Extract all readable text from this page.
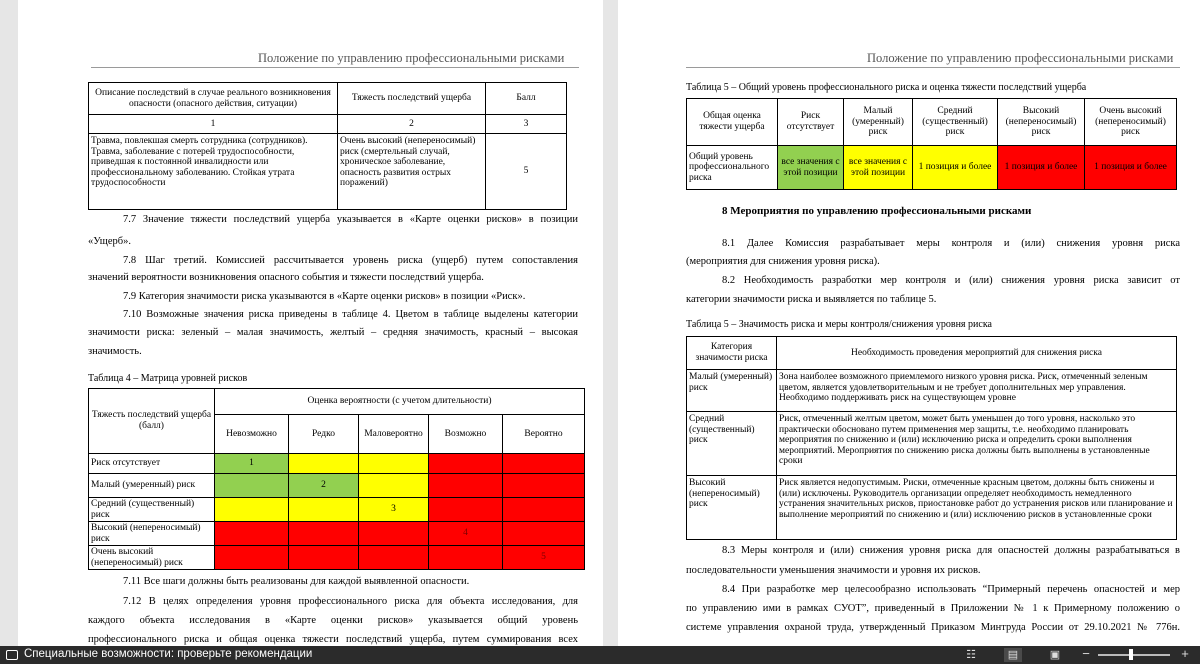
Положение по управлению профессиональными рисками
Описание последствий в случае реального возникновения опасности (опасного действия, ситуации)	Тяжесть последствий ущерба	Балл
1	2	3
Травма, повлекшая смерть сотрудника (сотрудников). Травма, заболевание с потерей трудоспособности, приведшая к постоянной инвалидности или профессиональному заболеванию. Стойкая утрата трудоспособности	Очень высокий (непереносимый) риск (смертельный случай, хроническое заболевание, опасность развития острых поражений)	5
7.7 Значение тяжести последствий ущерба указывается в «Карте оценки рисков» в позиции
«Ущерб».
7.8 Шаг третий. Комиссией рассчитывается уровень риска (ущерб) путем сопоставления
значений вероятности возникновения опасного события и тяжести последствий ущерба.
7.9 Категория значимости риска указываются в «Карте оценки рисков» в позиции «Риск».
7.10 Возможные значения риска приведены в таблице 4. Цветом в таблице выделены категории
значимости риска: зеленый – малая значимость, желтый – средняя значимость, красный – высокая
значимость.
Таблица 4 – Матрица уровней рисков
Тяжесть последствий ущерба (балл)	Оценка вероятности (с учетом длительности)				
	Невозможно	Редко	Маловероятно	Возможно	Вероятно
Риск отсутствует	1				
Малый (умеренный) риск		2			
Средний (существенный) риск			3		
Высокий (непереносимый) риск				4	
Очень высокий (непереносимый) риск					5
7.11 Все шаги должны быть реализованы для каждой выявленной опасности.
7.12 В целях определения уровня профессионального риска для объекта исследования, для
каждого объекта исследования в «Карте оценки рисков» указывается общий уровень
профессионального риска и общая оценка тяжести последствий ущерба, путем суммирования всех
Положение по управлению профессиональными рисками
Таблица 5 – Общий уровень профессионального риска и оценка тяжести последствий ущерба
Общая оценка тяжести ущерба	Риск отсутствует	Малый (умеренный) риск	Средний (существенный) риск	Высокий (непереносимый) риск	Очень высокий (непереносимый) риск
Общий уровень профессионального риска	все значения с этой позиции	все значения с этой позиции	1 позиция и более	1 позиция и более	1 позиция и более
8 Мероприятия по управлению профессиональными рисками
8.1 Далее Комиссия разрабатывает меры контроля и (или) снижения уровня риска
(мероприятия для снижения уровня риска).
8.2 Необходимость разработки мер контроля и (или) снижения уровня риска зависит от
категории значимости риска и выявляется по таблице 5.
Таблица 5 – Значимость риска и меры контроля/снижения уровня риска
Категория значимости риска	Необходимость проведения мероприятий для снижения риска
Малый (умеренный) риск	Зона наиболее возможного приемлемого низкого уровня риска. Риск, отмеченный зеленым цветом, является удовлетворительным и не требует дополнительных мер управления. Необходимо поддерживать риск на существующем уровне
Средний (существенный) риск	Риск, отмеченный желтым цветом, может быть уменьшен до того уровня, насколько это практически обосновано путем применения мер защиты, т.е. необходимо планировать мероприятия по снижению и (или) исключению риска и определить сроки выполнения мероприятий. Мероприятия по снижению риска должны быть выполнены в установленные сроки
Высокий (непереносимый) риск	Риск является недопустимым. Риски, отмеченные красным цветом, должны быть снижены и (или) исключены. Руководитель организации определяет необходимость немедленного устранения значительных рисков, приостановке работ до устранения рисков или планирование и выполнение мероприятий по снижению и (или) исключению рисков в установленные сроки
8.3 Меры контроля и (или) снижения уровня риска для опасностей должны разрабатываться в
последовательности уменьшения значимости и уровня их рисков.
8.4 При разработке мер целесообразно использовать “Примерный перечень опасностей и мер
по управлению ими в рамках СУОТ”, приведенный в Приложении № 1 к Примерному положению о
системе управления охраной труда, утвержденный Приказом Минтруда России от 29.10.2021 № 776н.
Специальные возможности: проверьте рекомендации	☷	▤	▣	−	+
